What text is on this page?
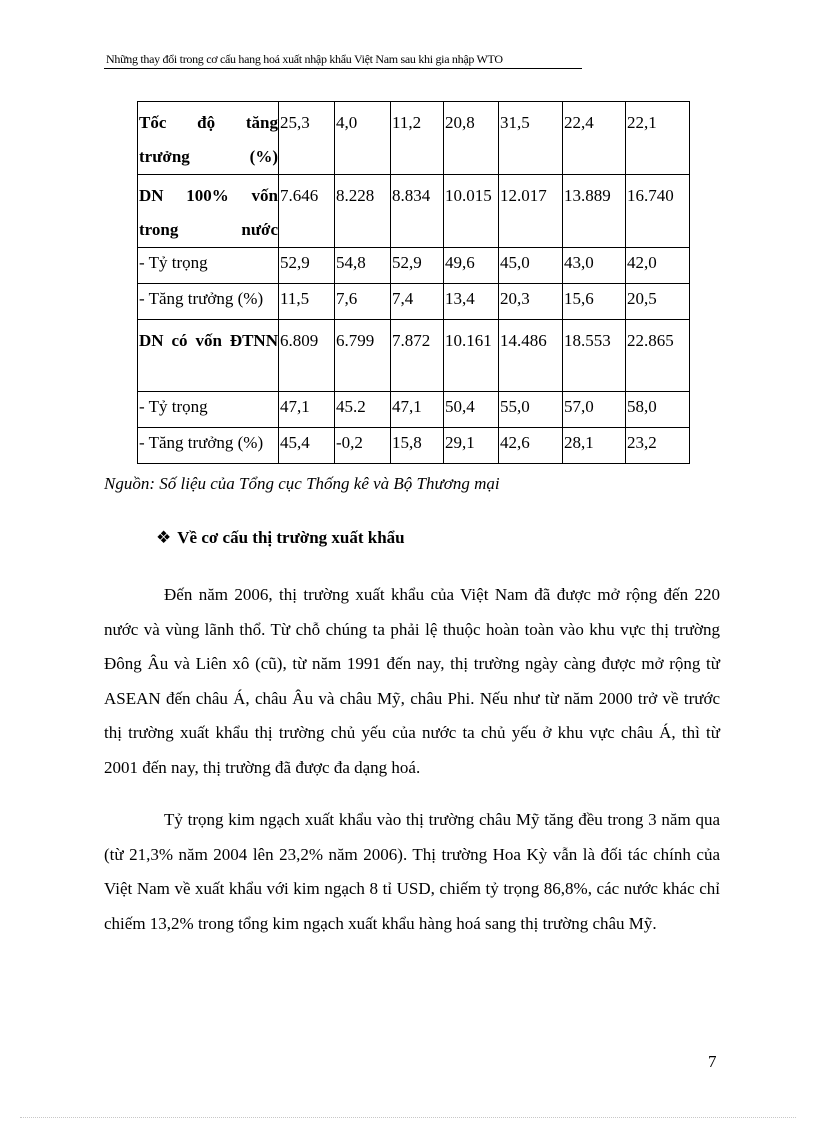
Những thay đổi trong cơ cấu hang hoá xuất nhập khẩu Việt Nam sau khi gia nhập WTO
Tốc độ tăng trưởng (%)	25,3	4,0	11,2	20,8	31,5	22,4	22,1

DN 100% vốn trong nước	7.646	8.228	8.834	10.015	12.017	13.889	16.740
- Tỷ trọng	52,9	54,8	52,9	49,6	45,0	43,0	42,0
- Tăng trưởng (%)	11,5	7,6	7,4	13,4	20,3	15,6	20,5

DN có vốn ĐTNN	6.809	6.799	7.872	10.161	14.486	18.553	22.865
- Tỷ trọng	47,1	45.2	47,1	50,4	55,0	57,0	58,0
- Tăng trưởng (%)	45,4	-0,2	15,8	29,1	42,6	28,1	23,2
Nguồn: Số liệu của Tổng cục Thống kê và Bộ Thương mại
❖ Về cơ cấu thị trường xuất khẩu

Đến năm 2006, thị trường xuất khẩu của Việt Nam đã được mở rộng đến 220 nước và vùng lãnh thổ. Từ chỗ chúng ta phải lệ thuộc hoàn toàn vào khu vực thị trường Đông Âu và Liên xô (cũ), từ năm 1991 đến nay, thị trường ngày càng được mở rộng từ ASEAN đến châu Á, châu Âu và châu Mỹ, châu Phi. Nếu như từ năm 2000 trở về trước thị trường xuất khẩu thị trường chủ yếu của nước ta chủ yếu ở khu vực châu Á, thì từ 2001 đến nay, thị trường đã được đa dạng hoá.

Tỷ trọng kim ngạch xuất khẩu vào thị trường châu Mỹ tăng đều trong 3 năm qua (từ 21,3% năm 2004 lên 23,2% năm 2006). Thị trường Hoa Kỳ vẫn là đối tác chính của Việt Nam về xuất khẩu với kim ngạch 8 tỉ USD, chiếm tỷ trọng 86,8%, các nước khác chỉ chiếm 13,2% trong tổng kim ngạch xuất khẩu hàng hoá sang thị trường châu Mỹ.

7
